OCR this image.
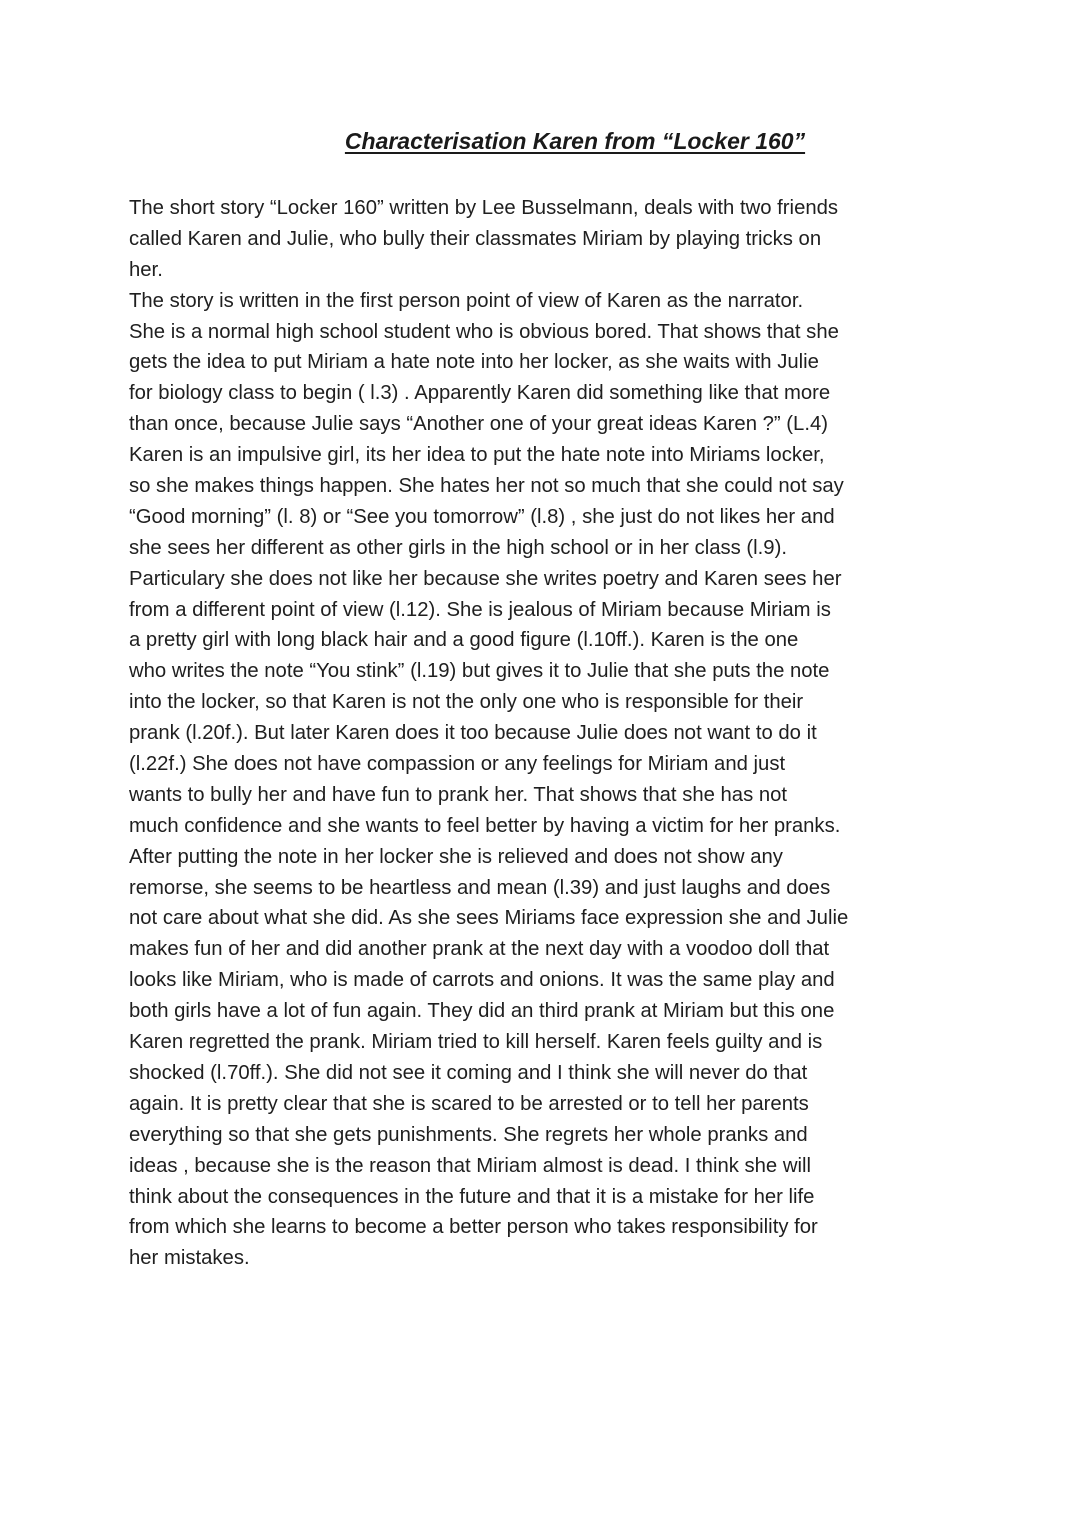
Characterisation Karen from “Locker 160”
The short story “Locker 160” written by Lee Busselmann, deals with two friends
called Karen and Julie, who bully their classmates Miriam by playing tricks on
her.
The story is written in the first person point of view of Karen as the narrator.
She is a normal high school student who is obvious bored. That shows that she
gets the idea to put Miriam a hate note into her locker, as she waits with Julie
for biology class to begin ( l.3) . Apparently Karen did something like that more
than once, because Julie says “Another one of your great ideas Karen ?” (L.4)
Karen is an impulsive girl, its her idea to put the hate note into Miriams locker,
so she makes things happen. She hates her not so much that she could not say
“Good morning” (l. 8) or “See you tomorrow” (l.8) , she just do not likes her and
she sees her different as other girls in the high school or in her class (l.9).
Particulary she does not like her because she writes poetry and Karen sees her
from a different point of view (l.12). She is jealous of Miriam because Miriam is
a pretty girl with long black hair and a good figure (l.10ff.). Karen is the one
who writes the note “You stink” (l.19) but gives it to Julie that she puts the note
into the locker, so that Karen is not the only one who is responsible for their
prank (l.20f.). But later Karen does it too because Julie does not want to do it
(l.22f.) She does not have compassion or any feelings for Miriam and just
wants to bully her and have fun to prank her. That shows that she has not
much confidence and she wants to feel better by having a victim for her pranks.
After putting the note in her locker she is relieved and does not show any
remorse, she seems to be heartless and mean (l.39) and just laughs and does
not care about what she did. As she sees Miriams face expression she and Julie
makes fun of her and did another prank at the next day with a voodoo doll that
looks like Miriam, who is made of carrots and onions. It was the same play and
both girls have a lot of fun again. They did an third prank at Miriam but this one
Karen regretted the prank. Miriam tried to kill herself. Karen feels guilty and is
shocked (l.70ff.). She did not see it coming and I think she will never do that
again. It is pretty clear that she is scared to be arrested or to tell her parents
everything so that she gets punishments. She regrets her whole pranks and
ideas , because she is the reason that Miriam almost is dead. I think she will
think about the consequences in the future and that it is a mistake for her life
from which she learns to become a better person who takes responsibility for
her mistakes.
